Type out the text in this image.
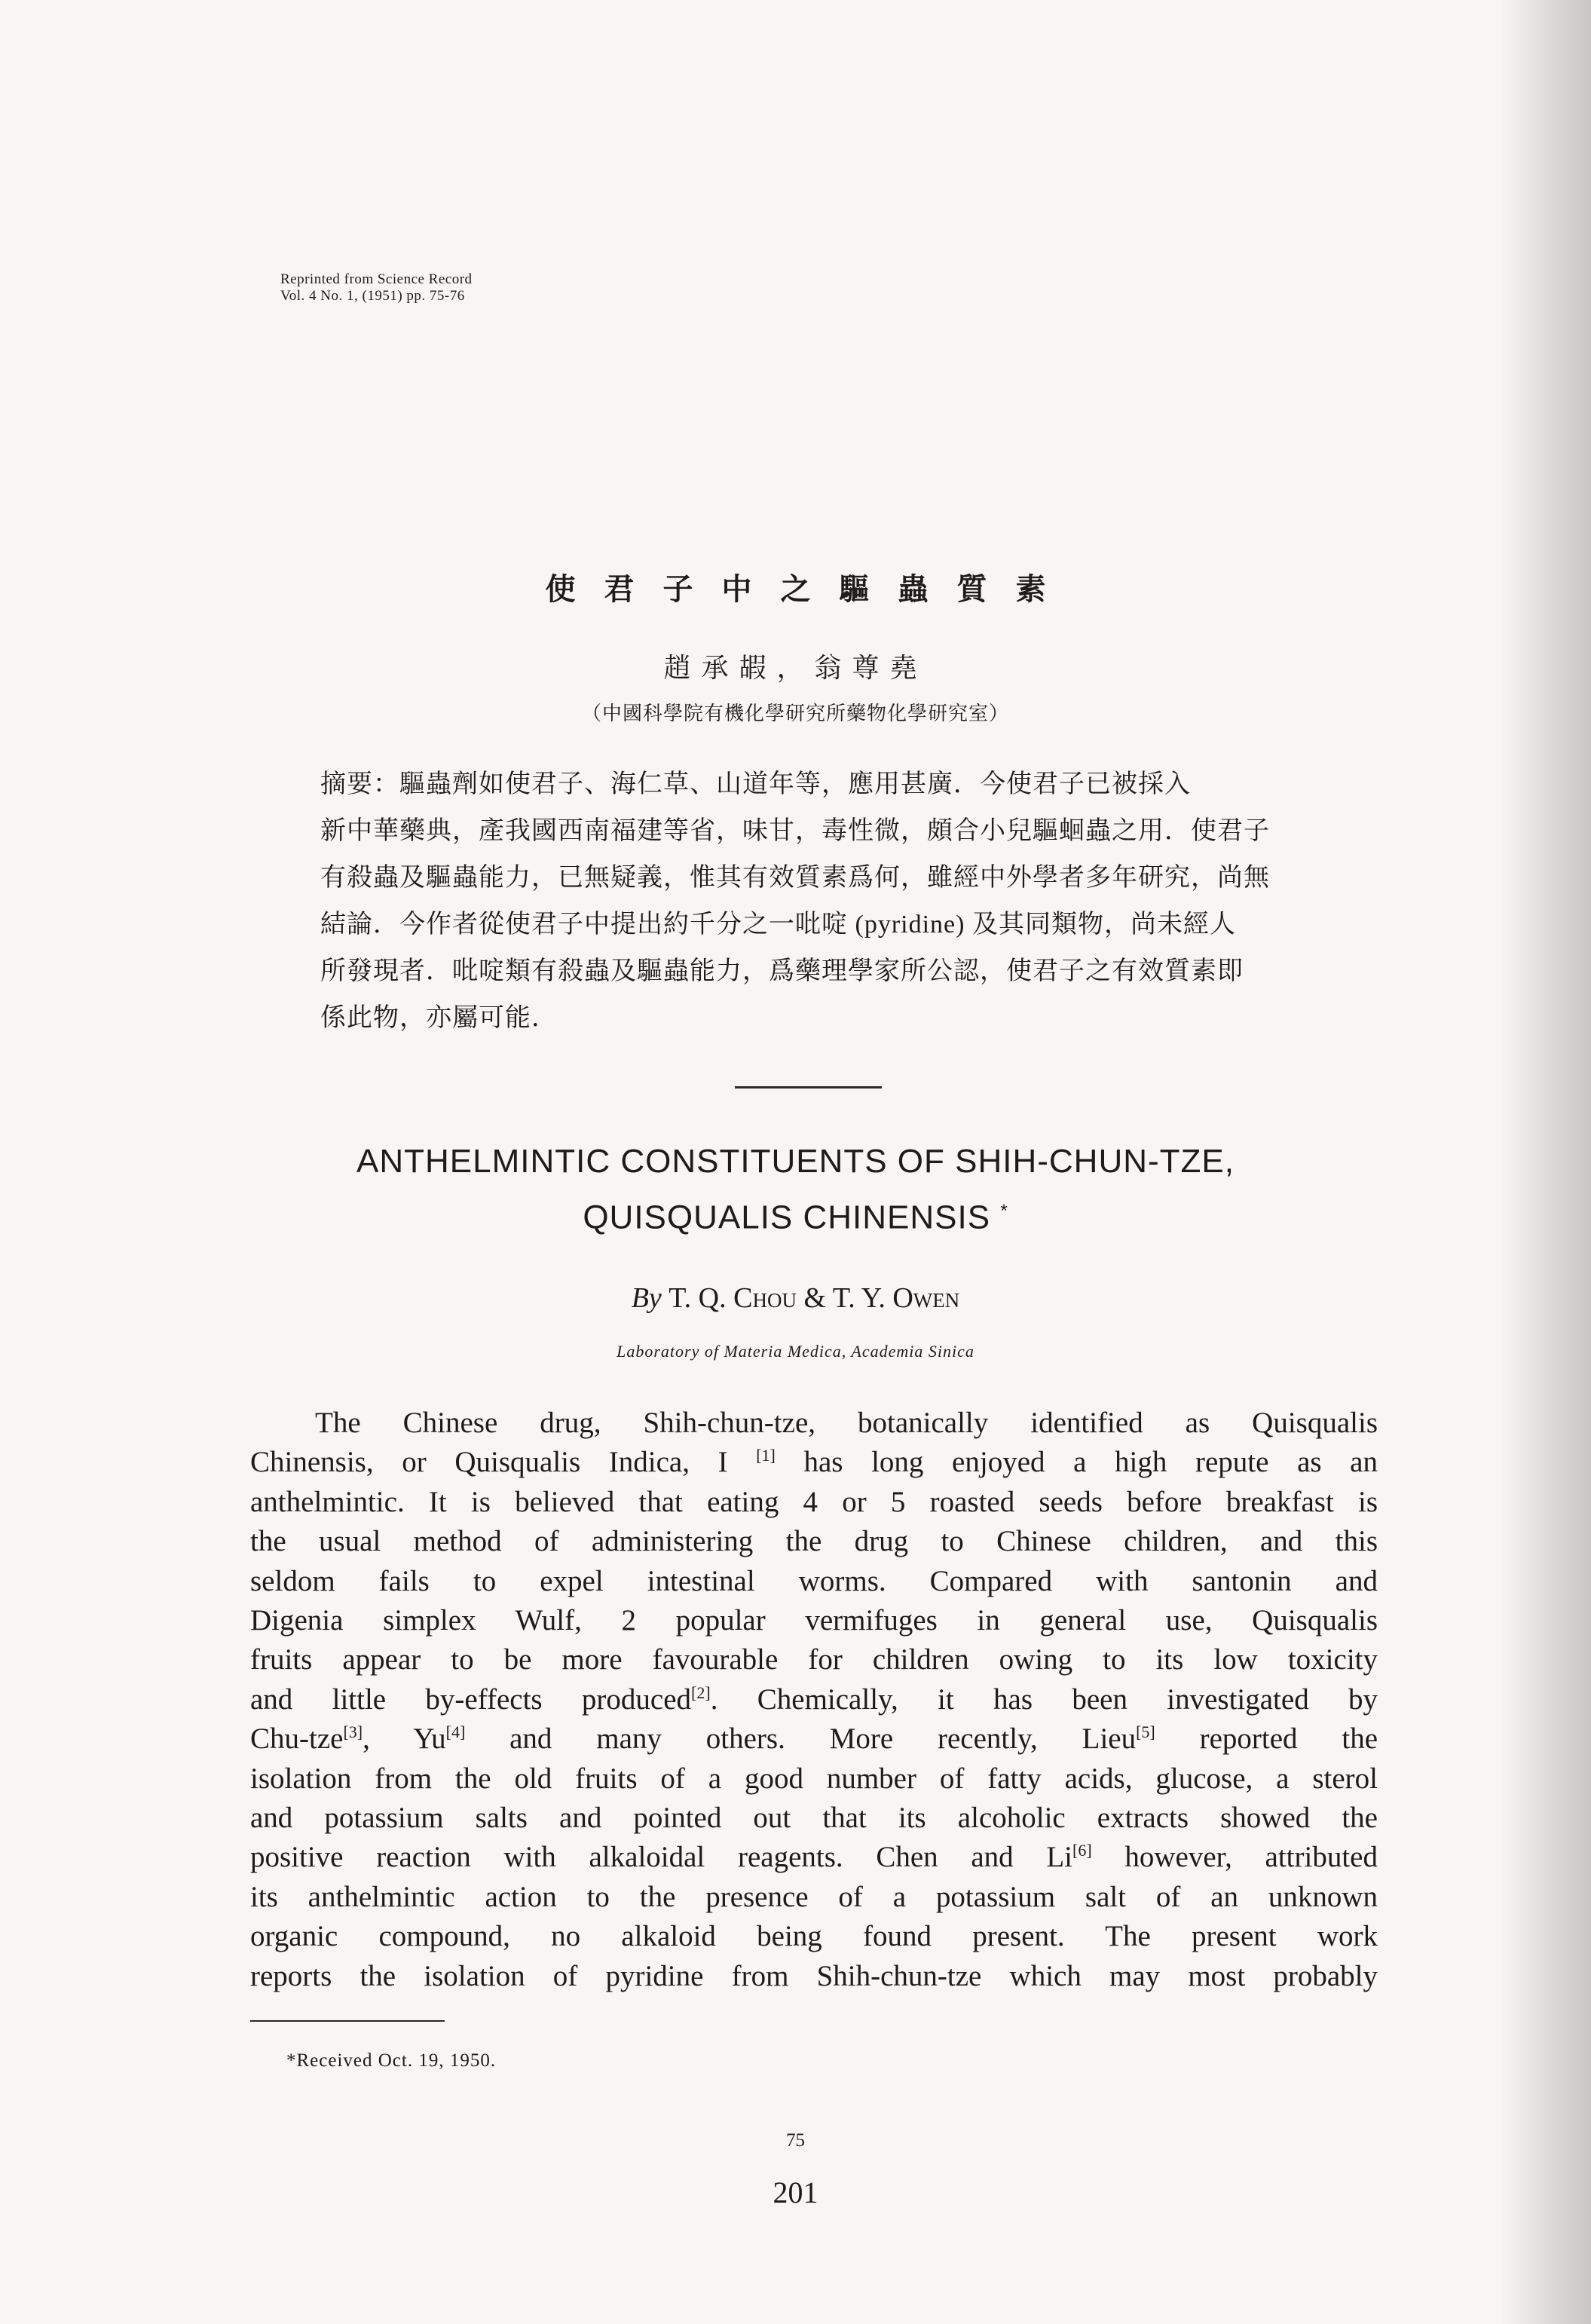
Reprinted from Science Record
Vol. 4 No. 1, (1951) pp. 75-76
使君子中之驅蟲質素
趙承嘏，翁尊堯
（中國科學院有機化學研究所藥物化學研究室）
摘要：驅蟲劑如使君子、海仁草、山道年等，應用甚廣．今使君子已被採入
新中華藥典，產我國西南福建等省，味甘，毒性微，頗合小兒驅蛔蟲之用．使君子
有殺蟲及驅蟲能力，已無疑義，惟其有效質素爲何，雖經中外學者多年研究，尚無
結論．今作者從使君子中提出約千分之一吡啶 (pyridine) 及其同類物，尚未經人
所發現者．吡啶類有殺蟲及驅蟲能力，爲藥理學家所公認，使君子之有效質素即
係此物，亦屬可能．
ANTHELMINTIC CONSTITUENTS OF SHIH-CHUN-TZE,
QUISQUALIS CHINENSIS *
By T. Q. Chou & T. Y. Owen
Laboratory of Materia Medica, Academia Sinica
The Chinese drug, Shih-chun-tze, botanically identified as Quisqualis
Chinensis, or Quisqualis Indica, I [1] has long enjoyed a high repute as an
anthelmintic. It is believed that eating 4 or 5 roasted seeds before breakfast is
the usual method of administering the drug to Chinese children, and this
seldom fails to expel intestinal worms. Compared with santonin and
Digenia simplex Wulf, 2 popular vermifuges in general use, Quisqualis
fruits appear to be more favourable for children owing to its low toxicity
and little by-effects produced[2]. Chemically, it has been investigated by
Chu-tze[3], Yu[4] and many others. More recently, Lieu[5] reported the
isolation from the old fruits of a good number of fatty acids, glucose, a sterol
and potassium salts and pointed out that its alcoholic extracts showed the
positive reaction with alkaloidal reagents. Chen and Li[6] however, attributed
its anthelmintic action to the presence of a potassium salt of an unknown
organic compound, no alkaloid being found present. The present work
reports the isolation of pyridine from Shih-chun-tze which may most probably
*Received Oct. 19, 1950.
75
201
